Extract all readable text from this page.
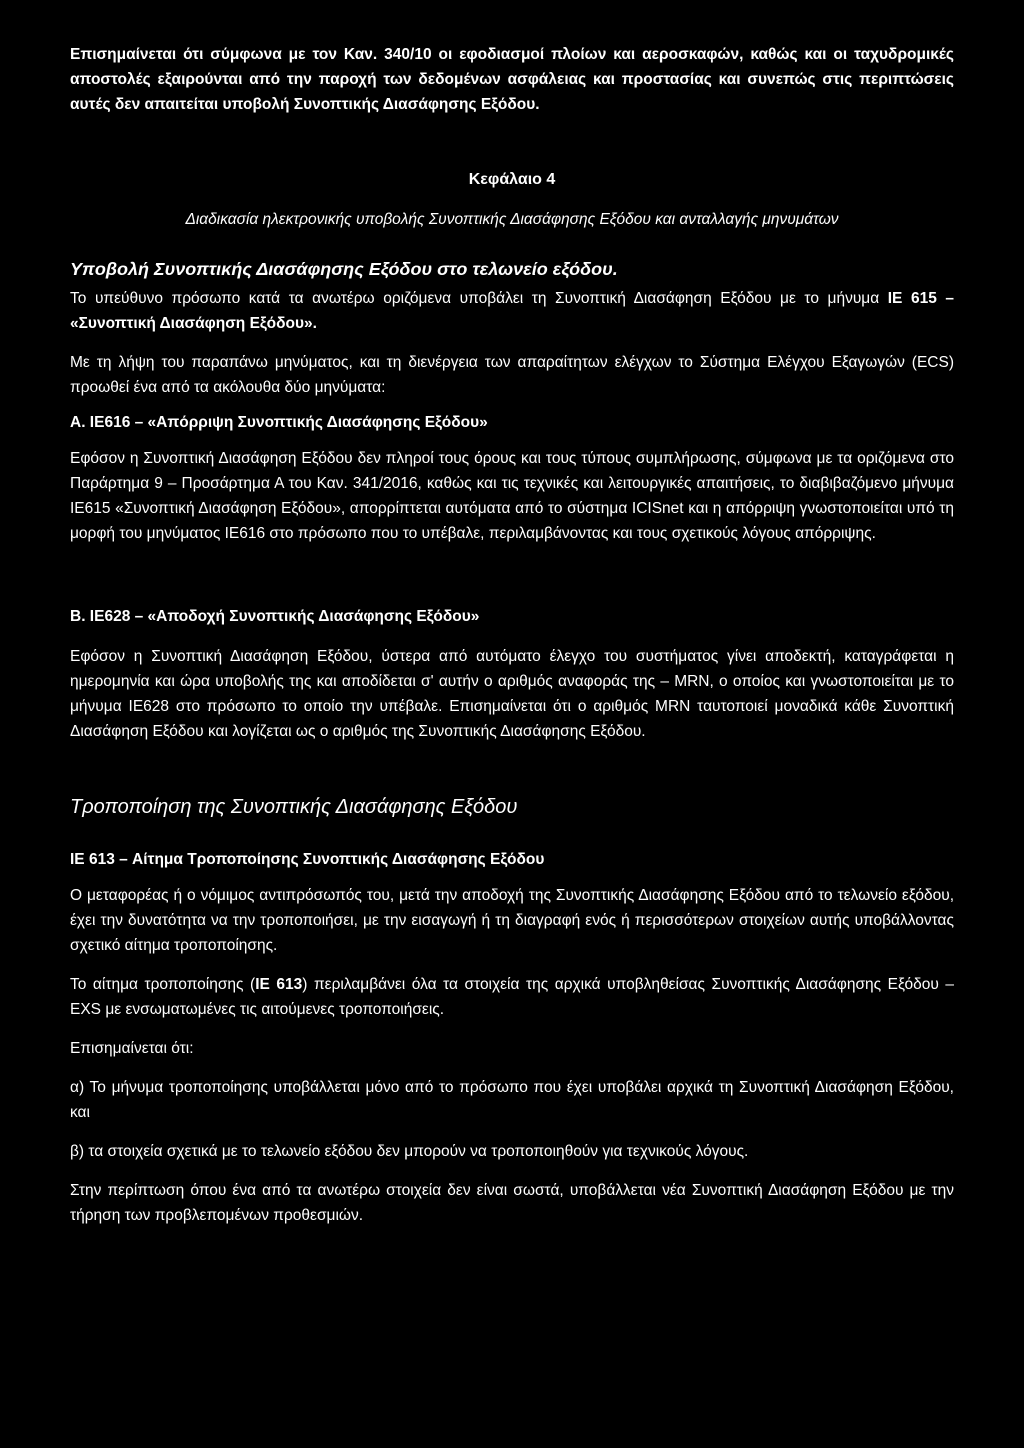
Επισημαίνεται ότι σύμφωνα με τον Καν. 340/10 οι εφοδιασμοί πλοίων και αεροσκαφών, καθώς και οι ταχυδρομικές αποστολές εξαιρούνται από την παροχή των δεδομένων ασφάλειας και προστασίας και συνεπώς στις περιπτώσεις αυτές δεν απαιτείται υποβολή Συνοπτικής Διασάφησης Εξόδου.

Κεφάλαιο 4

Διαδικασία ηλεκτρονικής υποβολής Συνοπτικής Διασάφησης Εξόδου και ανταλλαγής μηνυμάτων

Υποβολή Συνοπτικής Διασάφησης Εξόδου στο τελωνείο εξόδου.

Το υπεύθυνο πρόσωπο κατά τα ανωτέρω οριζόμενα υποβάλει τη Συνοπτική Διασάφηση Εξόδου με το μήνυμα IE 615 – «Συνοπτική Διασάφηση Εξόδου».

Με τη λήψη του παραπάνω μηνύματος, και τη διενέργεια των απαραίτητων ελέγχων το Σύστημα Ελέγχου Εξαγωγών (ECS) προωθεί ένα από τα ακόλουθα δύο μηνύματα:

Α. IE616 – «Απόρριψη Συνοπτικής Διασάφησης Εξόδου»

Εφόσον η Συνοπτική Διασάφηση Εξόδου δεν πληροί τους όρους και τους τύπους συμπλήρωσης, σύμφωνα με τα οριζόμενα στο Παράρτημα 9 – Προσάρτημα Α του Καν. 341/2016, καθώς και τις τεχνικές και λειτουργικές απαιτήσεις, το διαβιβαζόμενο μήνυμα IE615 «Συνοπτική Διασάφηση Εξόδου», απορρίπτεται αυτόματα από το σύστημα ICISnet και η απόρριψη γνωστοποιείται υπό τη μορφή του μηνύματος IE616 στο πρόσωπο που το υπέβαλε, περιλαμβάνοντας και τους σχετικούς λόγους απόρριψης.

Β. IE628 – «Αποδοχή Συνοπτικής Διασάφησης Εξόδου»

Εφόσον η Συνοπτική Διασάφηση Εξόδου, ύστερα από αυτόματο έλεγχο του συστήματος γίνει αποδεκτή, καταγράφεται η ημερομηνία και ώρα υποβολής της και αποδίδεται σ' αυτήν ο αριθμός αναφοράς της – MRN, ο οποίος και γνωστοποιείται με το μήνυμα IE628 στο πρόσωπο το οποίο την υπέβαλε. Επισημαίνεται ότι ο αριθμός MRN ταυτοποιεί μοναδικά κάθε Συνοπτική Διασάφηση Εξόδου και λογίζεται ως ο αριθμός της Συνοπτικής Διασάφησης Εξόδου.

Τροποποίηση της Συνοπτικής Διασάφησης Εξόδου

IE 613 – Αίτημα Τροποποίησης Συνοπτικής Διασάφησης Εξόδου

Ο μεταφορέας ή ο νόμιμος αντιπρόσωπός του, μετά την αποδοχή της Συνοπτικής Διασάφησης Εξόδου από το τελωνείο εξόδου, έχει την δυνατότητα να την τροποποιήσει, με την εισαγωγή ή τη διαγραφή ενός ή περισσότερων στοιχείων αυτής υποβάλλοντας σχετικό αίτημα τροποποίησης.

Το αίτημα τροποποίησης (IE 613) περιλαμβάνει όλα τα στοιχεία της αρχικά υποβληθείσας Συνοπτικής Διασάφησης Εξόδου – EXS με ενσωματωμένες τις αιτούμενες τροποποιήσεις.

Επισημαίνεται ότι:

α) Το μήνυμα τροποποίησης υποβάλλεται μόνο από το πρόσωπο που έχει υποβάλει αρχικά τη Συνοπτική Διασάφηση Εξόδου, και

β) τα στοιχεία σχετικά με το τελωνείο εξόδου δεν μπορούν να τροποποιηθούν για τεχνικούς λόγους.

Στην περίπτωση όπου ένα από τα ανωτέρω στοιχεία δεν είναι σωστά, υποβάλλεται νέα Συνοπτική Διασάφηση Εξόδου με την τήρηση των προβλεπομένων προθεσμιών.
